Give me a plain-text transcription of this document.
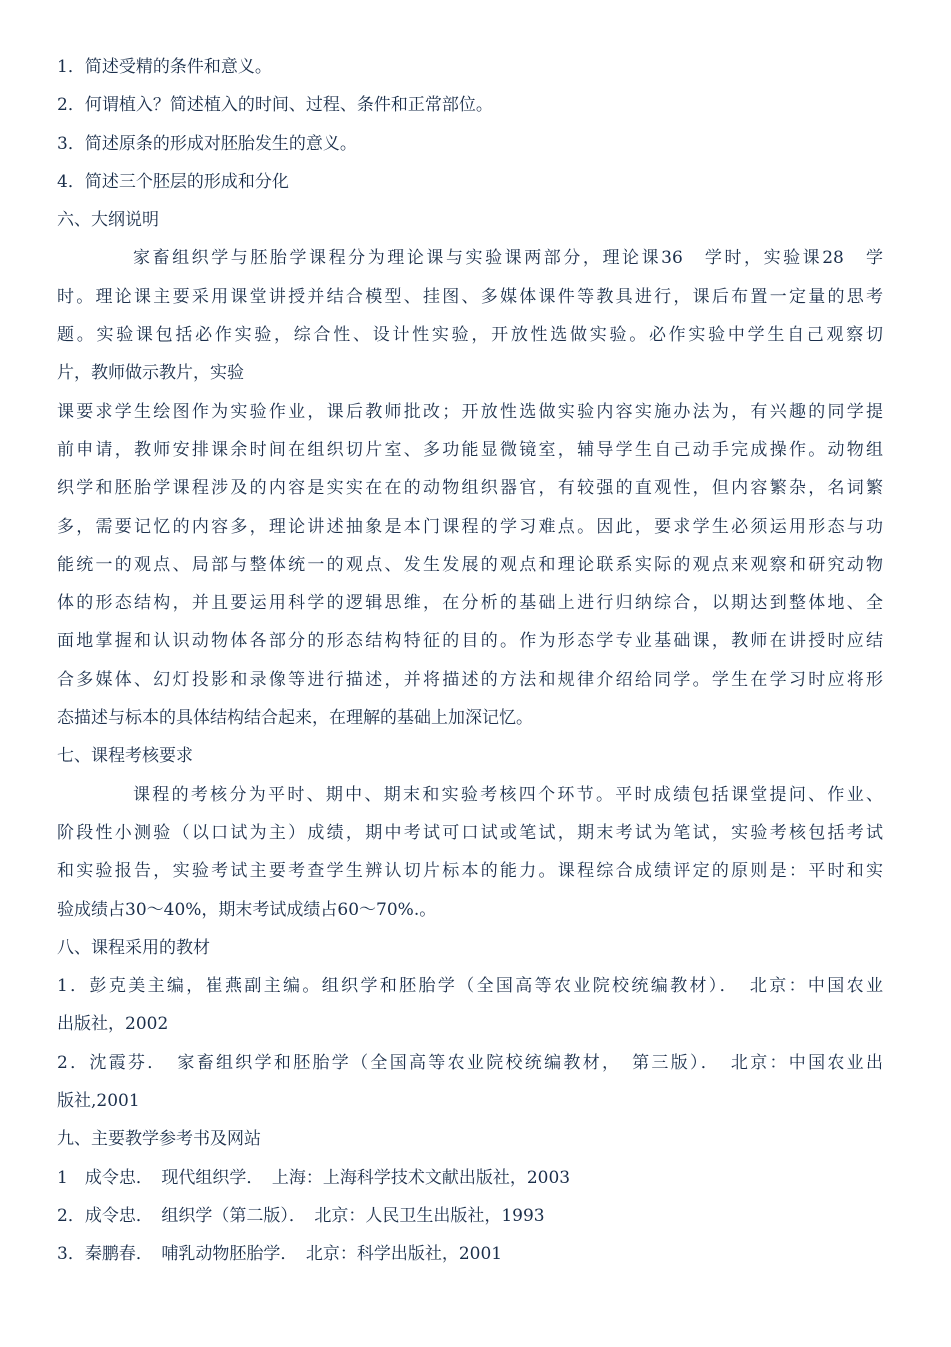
1．简述受精的条件和意义。

2．何谓植入？简述植入的时间、过程、条件和正常部位。

3．简述原条的形成对胚胎发生的意义。

4．简述三个胚层的形成和分化

六、大纲说明

家畜组织学与胚胎学课程分为理论课与实验课两部分，理论课36　学时，实验课28　学

时。理论课主要采用课堂讲授并结合模型、挂图、多媒体课件等教具进行，课后布置一定量的思考

题。实验课包括必作实验，综合性、设计性实验，开放性选做实验。必作实验中学生自己观察切

片，教师做示教片，实验

课要求学生绘图作为实验作业，课后教师批改；开放性选做实验内容实施办法为，有兴趣的同学提

前申请，教师安排课余时间在组织切片室、多功能显微镜室，辅导学生自己动手完成操作。动物组

织学和胚胎学课程涉及的内容是实实在在的动物组织器官，有较强的直观性，但内容繁杂，名词繁

多，需要记忆的内容多，理论讲述抽象是本门课程的学习难点。因此，要求学生必须运用形态与功

能统一的观点、局部与整体统一的观点、发生发展的观点和理论联系实际的观点来观察和研究动物

体的形态结构，并且要运用科学的逻辑思维，在分析的基础上进行归纳综合，以期达到整体地、全

面地掌握和认识动物体各部分的形态结构特征的目的。作为形态学专业基础课，教师在讲授时应结

合多媒体、幻灯投影和录像等进行描述，并将描述的方法和规律介绍给同学。学生在学习时应将形

态描述与标本的具体结构结合起来，在理解的基础上加深记忆。

七、课程考核要求

课程的考核分为平时、期中、期末和实验考核四个环节。平时成绩包括课堂提问、作业、

阶段性小测验（以口试为主）成绩，期中考试可口试或笔试，期末考试为笔试，实验考核包括考试

和实验报告，实验考试主要考查学生辨认切片标本的能力。课程综合成绩评定的原则是：平时和实

验成绩占30～40%，期末考试成绩占60～70%.。

八、课程采用的教材

1．彭克美主编，崔燕副主编。组织学和胚胎学（全国高等农业院校统编教材）．　北京：中国农业

出版社，2002

2．沈霞芬．　家畜组织学和胚胎学（全国高等农业院校统编教材，　第三版）．　北京：中国农业出

版社,2001

九、主要教学参考书及网站

1　成令忠．　现代组织学．　上海：上海科学技术文献出版社，2003

2．成令忠．　组织学（第二版）．　北京：人民卫生出版社，1993

3．秦鹏春．　哺乳动物胚胎学．　北京：科学出版社，2001
